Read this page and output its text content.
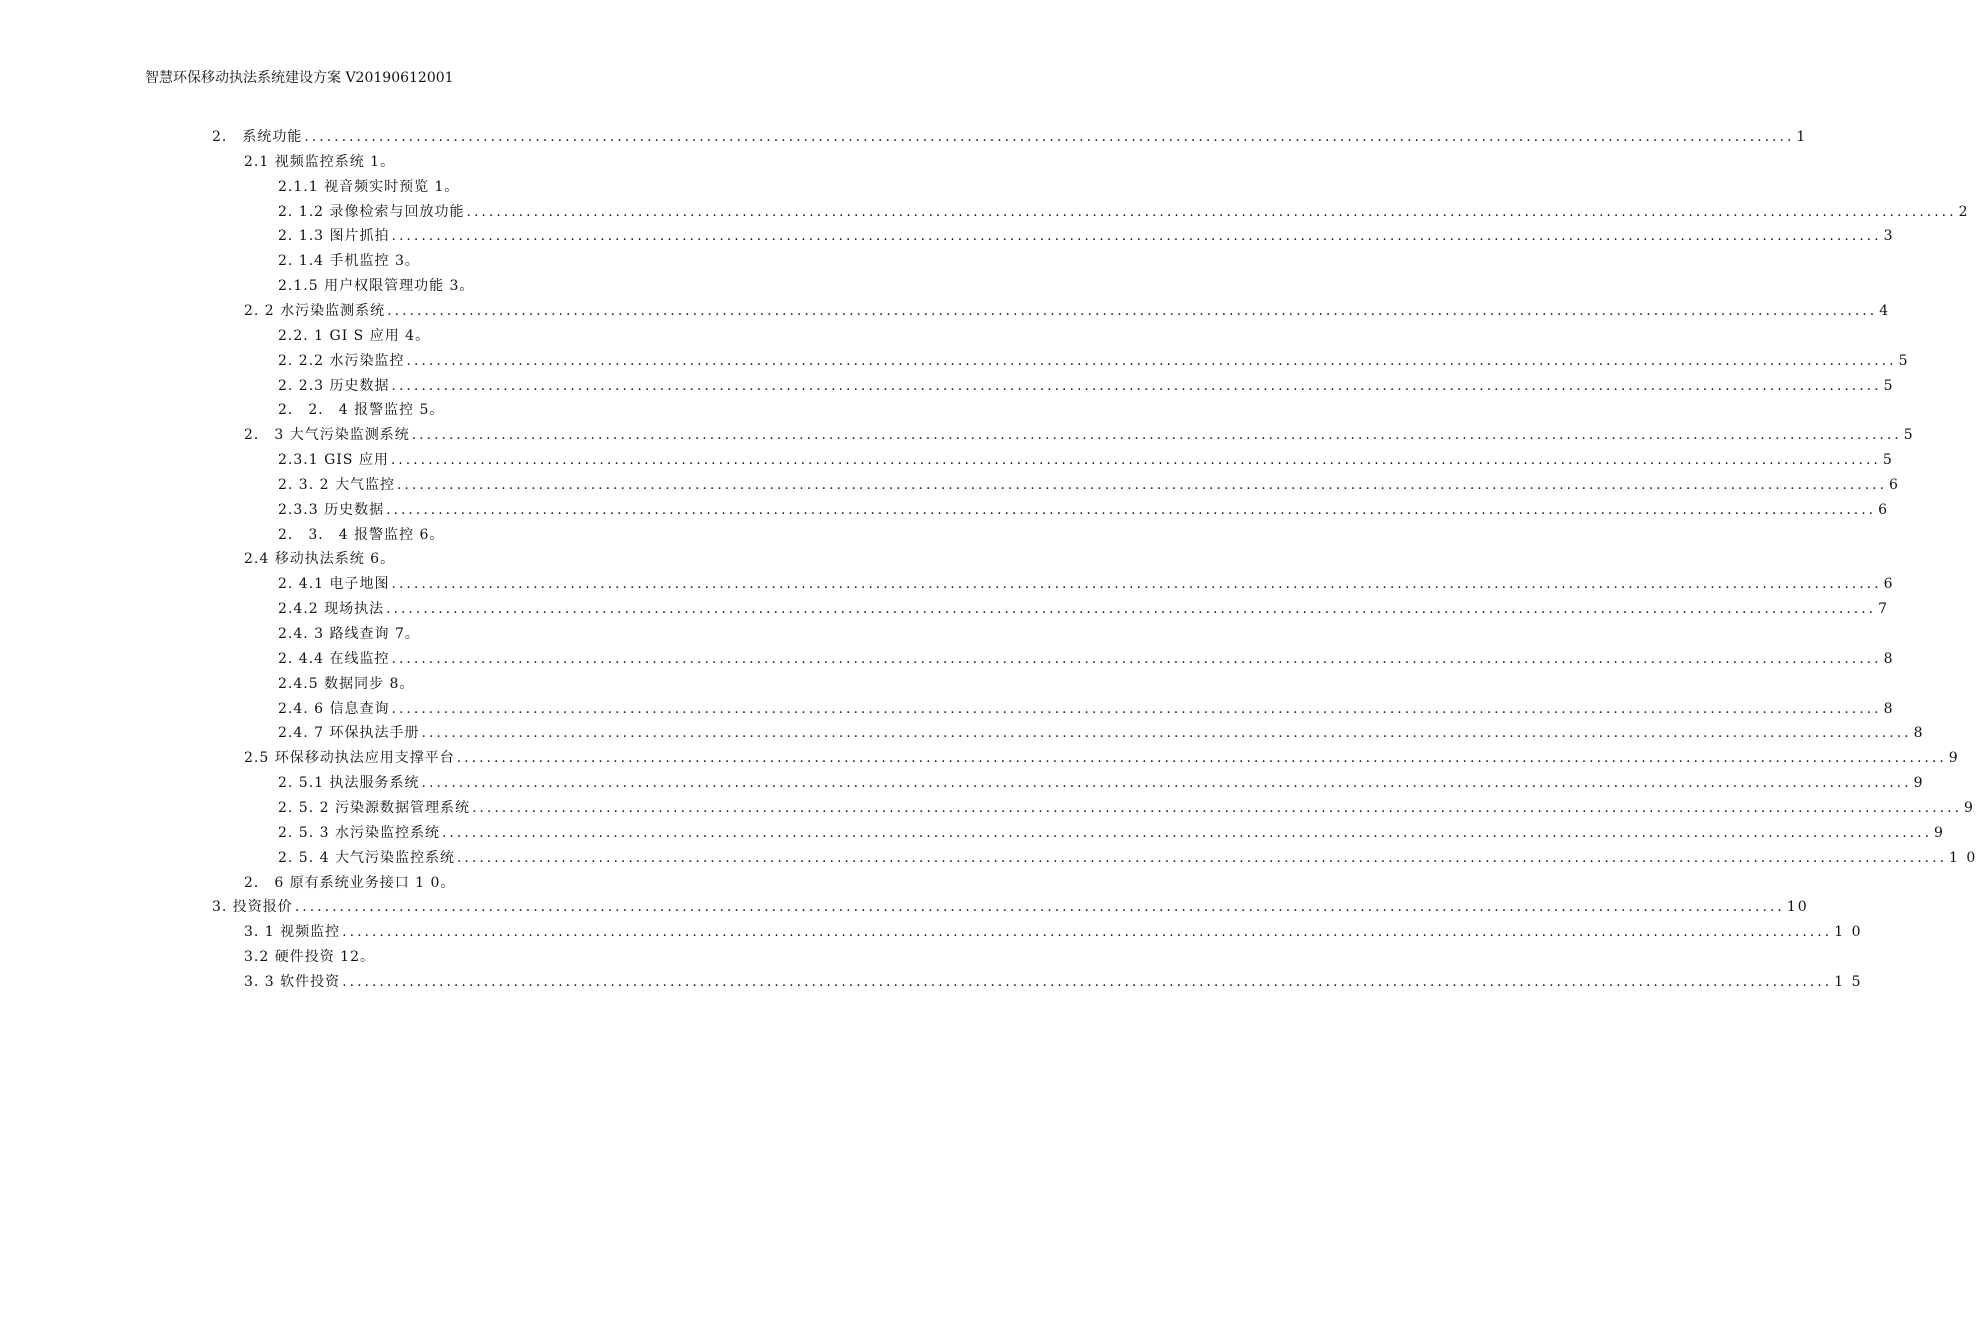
智慧环保移动执法系统建设方案 V20190612001
2． 系统功能 ........................................................................................................................................................................................................ 1
2.1 视频监控系统 1。
2.1.1 视音频实时预览 1。
2. 1.2 录像检索与回放功能 ........................................................................................................................................................................................................ 2
2. 1.3 图片抓拍 ........................................................................................................................................................................................................ 3
2. 1.4 手机监控 3。
2.1.5 用户权限管理功能 3。
2. 2 水污染监测系统 ........................................................................................................................................................................................................ 4
2.2. 1 GI S 应用 4。
2. 2.2 水污染监控 ........................................................................................................................................................................................................ 5
2. 2.3 历史数据 ........................................................................................................................................................................................................ 5
2． 2． 4 报警监控 5。
2． 3 大气污染监测系统 ........................................................................................................................................................................................................ 5
2.3.1 GIS 应用 ........................................................................................................................................................................................................ 5
2. 3. 2 大气监控 ........................................................................................................................................................................................................ 6
2.3.3 历史数据 ........................................................................................................................................................................................................ 6
2． 3． 4 报警监控 6。
2.4 移动执法系统 6。
2. 4.1 电子地图 ........................................................................................................................................................................................................ 6
2.4.2 现场执法 ........................................................................................................................................................................................................ 7
2.4. 3 路线查询 7。
2. 4.4 在线监控 ........................................................................................................................................................................................................ 8
2.4.5 数据同步 8。
2.4. 6 信息查询 ........................................................................................................................................................................................................ 8
2.4. 7 环保执法手册 ........................................................................................................................................................................................................ 8
2.5 环保移动执法应用支撑平台 ........................................................................................................................................................................................................ 9
2. 5.1 执法服务系统 ........................................................................................................................................................................................................ 9
2. 5. 2 污染源数据管理系统 ........................................................................................................................................................................................................ 9
2. 5. 3 水污染监控系统 ........................................................................................................................................................................................................ 9
2. 5. 4 大气污染监控系统 ........................................................................................................................................................................................................ 1 0
2． 6 原有系统业务接口 1 0。
3. 投资报价 ........................................................................................................................................................................................................ 10
3. 1 视频监控 ........................................................................................................................................................................................................ 1 0
3.2 硬件投资 12。
3. 3 软件投资 ........................................................................................................................................................................................................ 1 5
